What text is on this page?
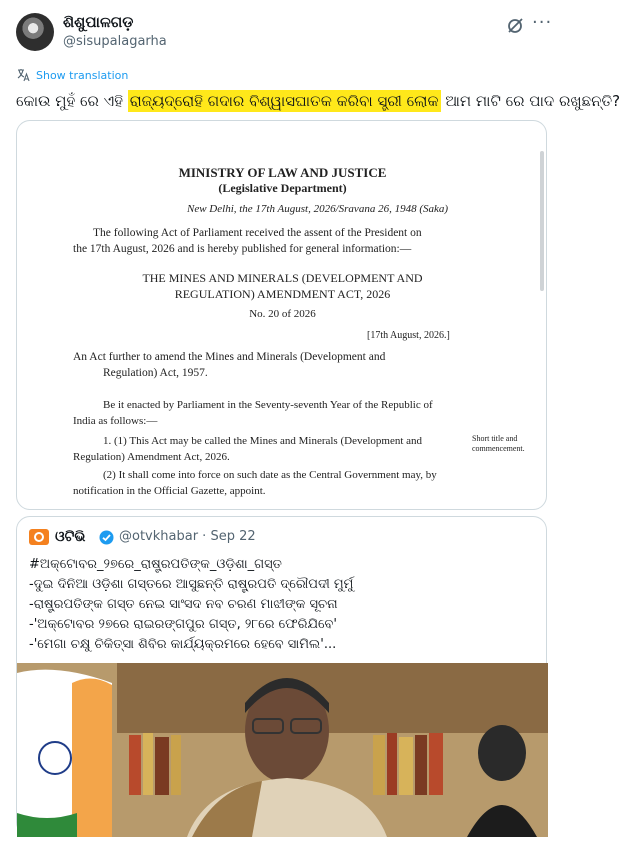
ଶିଶୁପାଳଗଡ଼
@sisupalagarha
···
Show translation
କୋଉ ମୁହଁ ରେ ଏହି ରାଜ୍ୟଦ୍ରୋହି ଗଦାର ବିଶ୍ୱାସଘାତକ କରିବା ସ୍ତ୍ରୀ ଲୋକ ଆମ ମାଟି ରେ ପାଦ ରଖୁଛନ୍ତି?
MINISTRY OF LAW AND JUSTICE
(Legislative Department)
New Delhi, the 17th August, 2026/Sravana 26, 1948 (Saka)
The following Act of Parliament received the assent of the President on
the 17th August, 2026 and is hereby published for general information:—
THE MINES AND MINERALS (DEVELOPMENT AND
REGULATION) AMENDMENT ACT, 2026
No. 20 of 2026
[17th August, 2026.]
An Act further to amend the Mines and Minerals (Development and
Regulation) Act, 1957.
Be it enacted by Parliament in the Seventy-seventh Year of the Republic of
India as follows:—
1. (1) This Act may be called the Mines and Minerals (Development and
Regulation) Amendment Act, 2026.
Short title and
commencement.
(2) It shall come into force on such date as the Central Government may, by
notification in the Official Gazette, appoint.
ଓଟିଭି	@otvkhabar · Sep 22
#ଅକ୍ଟୋବର_୨୭ରେ_ରାଷ୍ଟ୍ରପତିଙ୍କ_ଓଡ଼ିଶା_ଗସ୍ତ
-ଦୁଇ ଦିନିଆ ଓଡ଼ିଶା ଗସ୍ତରେ ଆସୁଛନ୍ତି ରାଷ୍ଟ୍ରପତି ଦ୍ରୌପଦୀ ମୁର୍ମୁ
-ରାଷ୍ଟ୍ରପତିଙ୍କ ଗସ୍ତ ନେଇ ସାଂସଦ ନବ ଚରଣ ମାଝୀଙ୍କ ସୂଚନା
-'ଅକ୍ଟୋବର ୨୭ରେ ରାଇରଙ୍ଗପୁର ଗସ୍ତ, ୨୮ରେ ଫେରିଯିବେ'
-'ମେଗା ଚକ୍ଷୁ ଚିକିତ୍ସା ଶିବିର କାର୍ଯ୍ୟକ୍ରମରେ ହେବେ ସାମିଲ'...
